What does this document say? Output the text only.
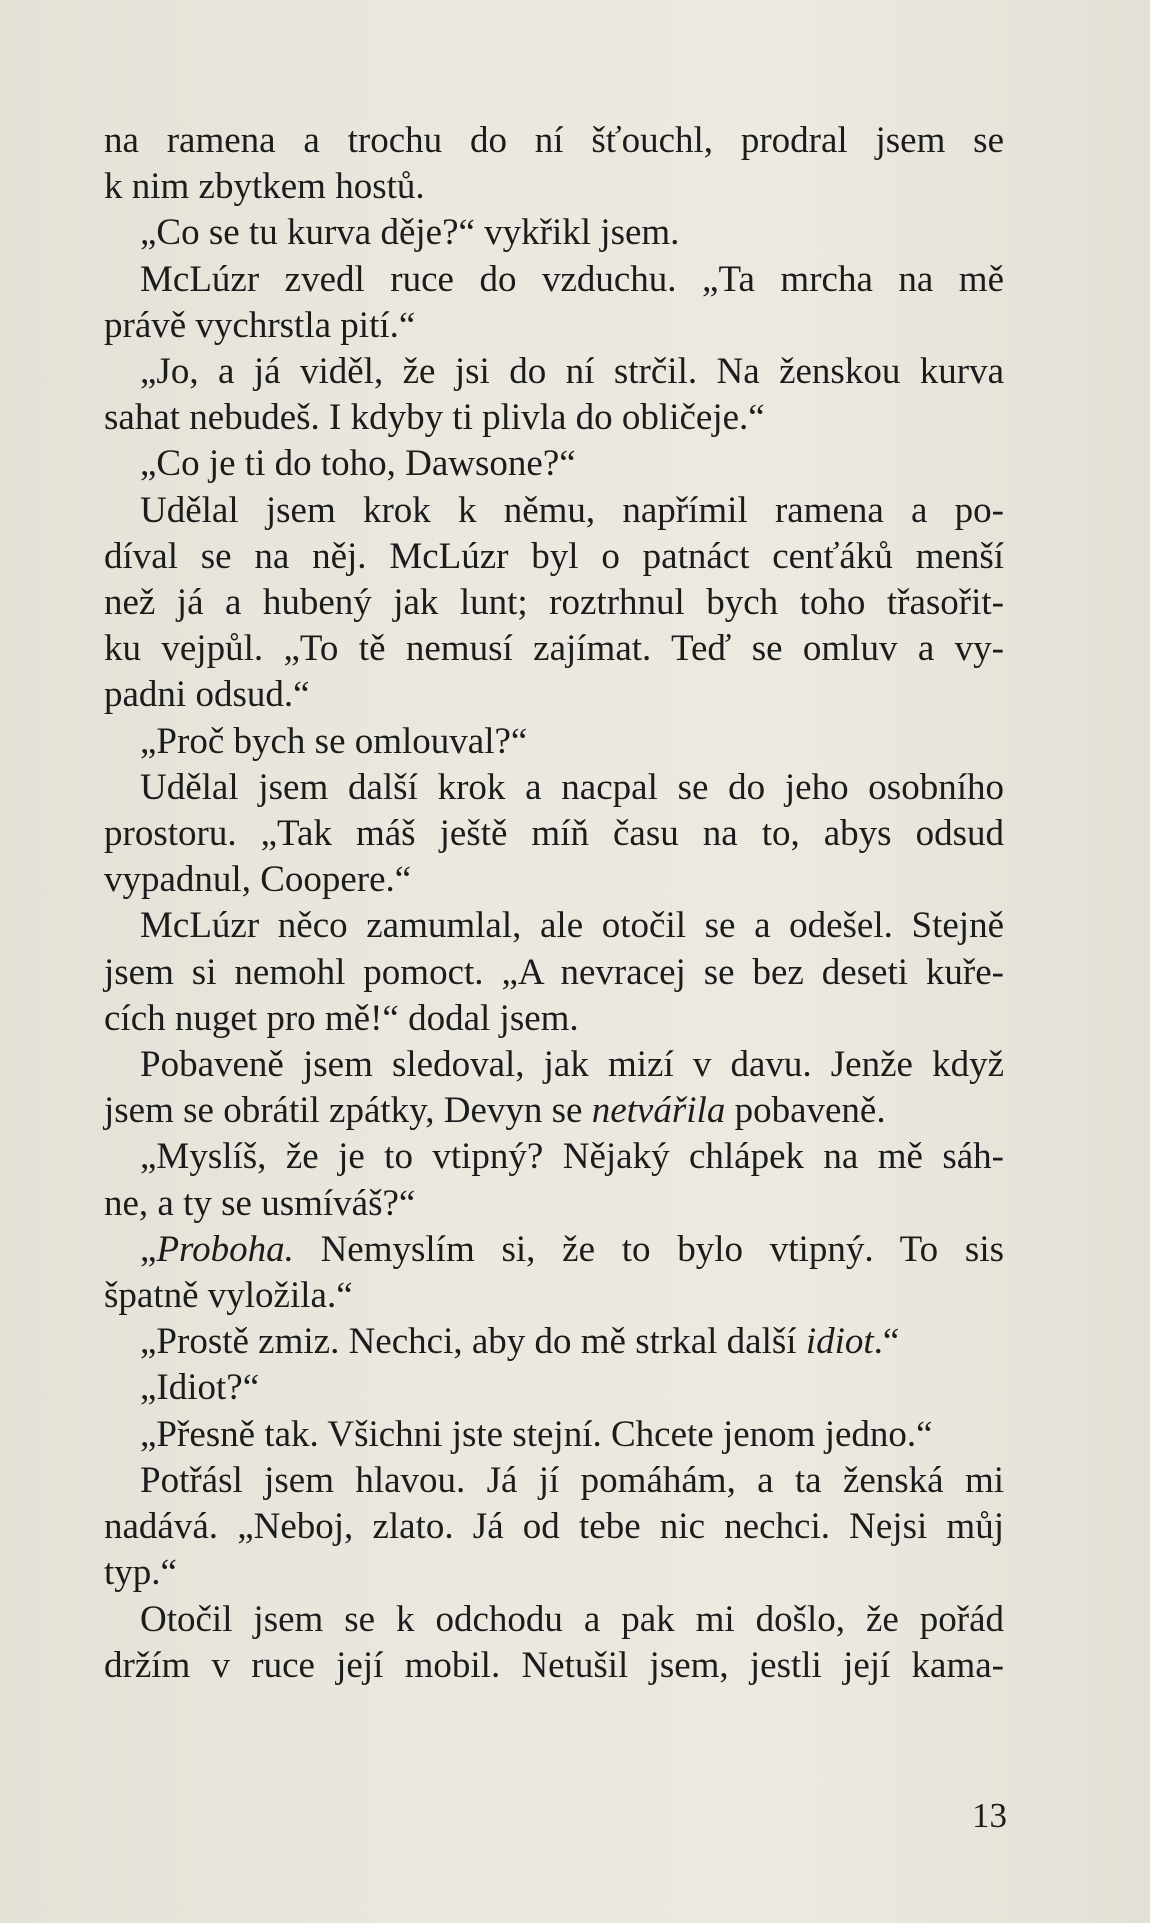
na ramena a trochu do ní šťouchl, prodral jsem se
k nim zbytkem hostů.
„Co se tu kurva děje?“ vykřikl jsem.
McLúzr zvedl ruce do vzduchu. „Ta mrcha na mě
právě vychrstla pití.“
„Jo, a já viděl, že jsi do ní strčil. Na ženskou kurva
sahat nebudeš. I kdyby ti plivla do obličeje.“
„Co je ti do toho, Dawsone?“
Udělal jsem krok k němu, napřímil ramena a po-
díval se na něj. McLúzr byl o patnáct cenťáků menší
než já a hubený jak lunt; roztrhnul bych toho třasořit-
ku vejpůl. „To tě nemusí zajímat. Teď se omluv a vy-
padni odsud.“
„Proč bych se omlouval?“
Udělal jsem další krok a nacpal se do jeho osobního
prostoru. „Tak máš ještě míň času na to, abys odsud
vypadnul, Coopere.“
McLúzr něco zamumlal, ale otočil se a odešel. Stejně
jsem si nemohl pomoct. „A nevracej se bez deseti kuře-
cích nuget pro mě!“ dodal jsem.
Pobaveně jsem sledoval, jak mizí v davu. Jenže když
jsem se obrátil zpátky, Devyn se netvářila pobaveně.
„Myslíš, že je to vtipný? Nějaký chlápek na mě sáh-
ne, a ty se usmíváš?“
„Proboha. Nemyslím si, že to bylo vtipný. To sis
špatně vyložila.“
„Prostě zmiz. Nechci, aby do mě strkal další idiot.“
„Idiot?“
„Přesně tak. Všichni jste stejní. Chcete jenom jedno.“
Potřásl jsem hlavou. Já jí pomáhám, a ta ženská mi
nadává. „Neboj, zlato. Já od tebe nic nechci. Nejsi můj
typ.“
Otočil jsem se k odchodu a pak mi došlo, že pořád
držím v ruce její mobil. Netušil jsem, jestli její kama-
13
